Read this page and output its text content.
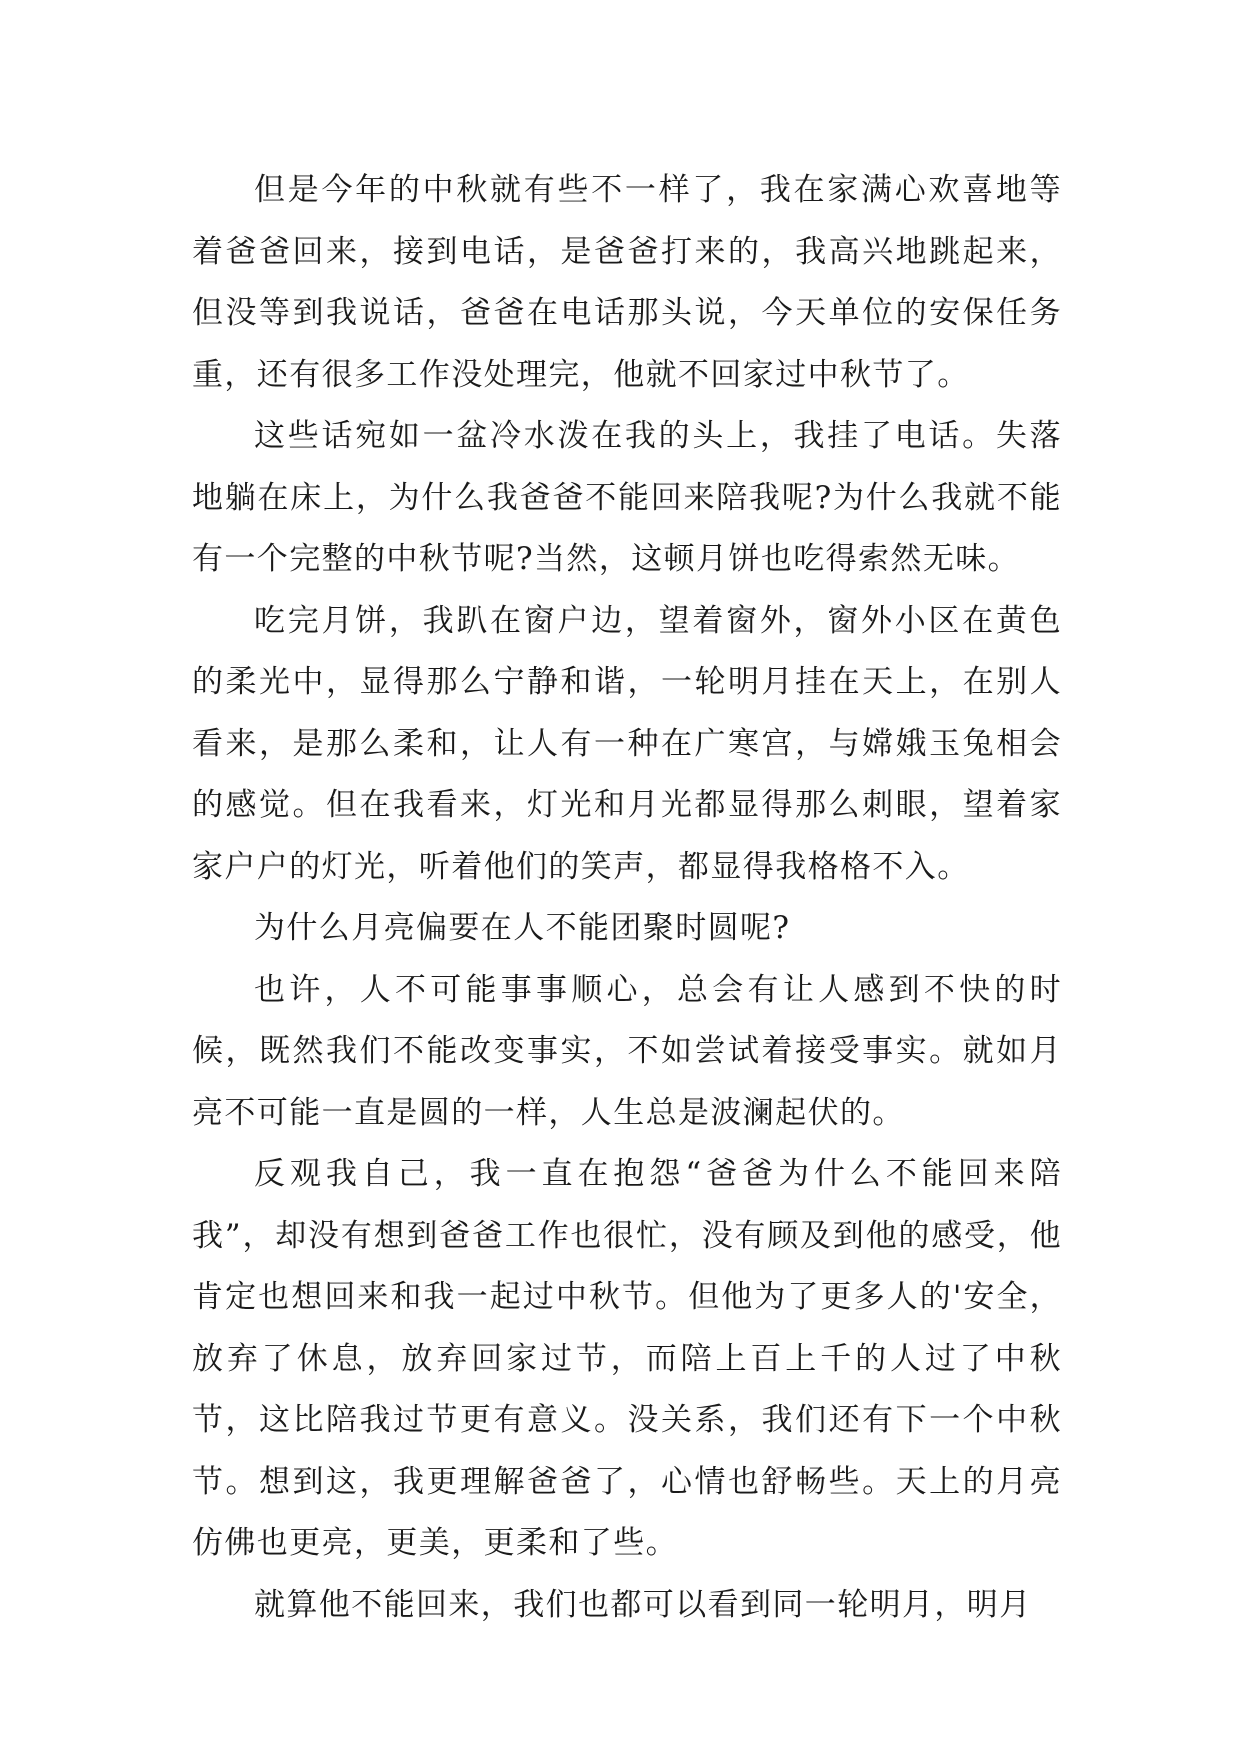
但是今年的中秋就有些不一样了，我在家满心欢喜地等着爸爸回来，接到电话，是爸爸打来的，我高兴地跳起来，但没等到我说话，爸爸在电话那头说，今天单位的安保任务重，还有很多工作没处理完，他就不回家过中秋节了。

这些话宛如一盆冷水泼在我的头上，我挂了电话。失落地躺在床上，为什么我爸爸不能回来陪我呢?为什么我就不能有一个完整的中秋节呢?当然，这顿月饼也吃得索然无味。

吃完月饼，我趴在窗户边，望着窗外，窗外小区在黄色的柔光中，显得那么宁静和谐，一轮明月挂在天上，在别人看来，是那么柔和，让人有一种在广寒宫，与嫦娥玉兔相会的感觉。但在我看来，灯光和月光都显得那么刺眼，望着家家户户的灯光，听着他们的笑声，都显得我格格不入。

为什么月亮偏要在人不能团聚时圆呢?

也许，人不可能事事顺心，总会有让人感到不快的时候，既然我们不能改变事实，不如尝试着接受事实。就如月亮不可能一直是圆的一样，人生总是波澜起伏的。

反观我自己，我一直在抱怨“爸爸为什么不能回来陪我”，却没有想到爸爸工作也很忙，没有顾及到他的感受，他肯定也想回来和我一起过中秋节。但他为了更多人的'安全，放弃了休息，放弃回家过节，而陪上百上千的人过了中秋节，这比陪我过节更有意义。没关系，我们还有下一个中秋节。想到这，我更理解爸爸了，心情也舒畅些。天上的月亮仿佛也更亮，更美，更柔和了些。

就算他不能回来，我们也都可以看到同一轮明月，明月
